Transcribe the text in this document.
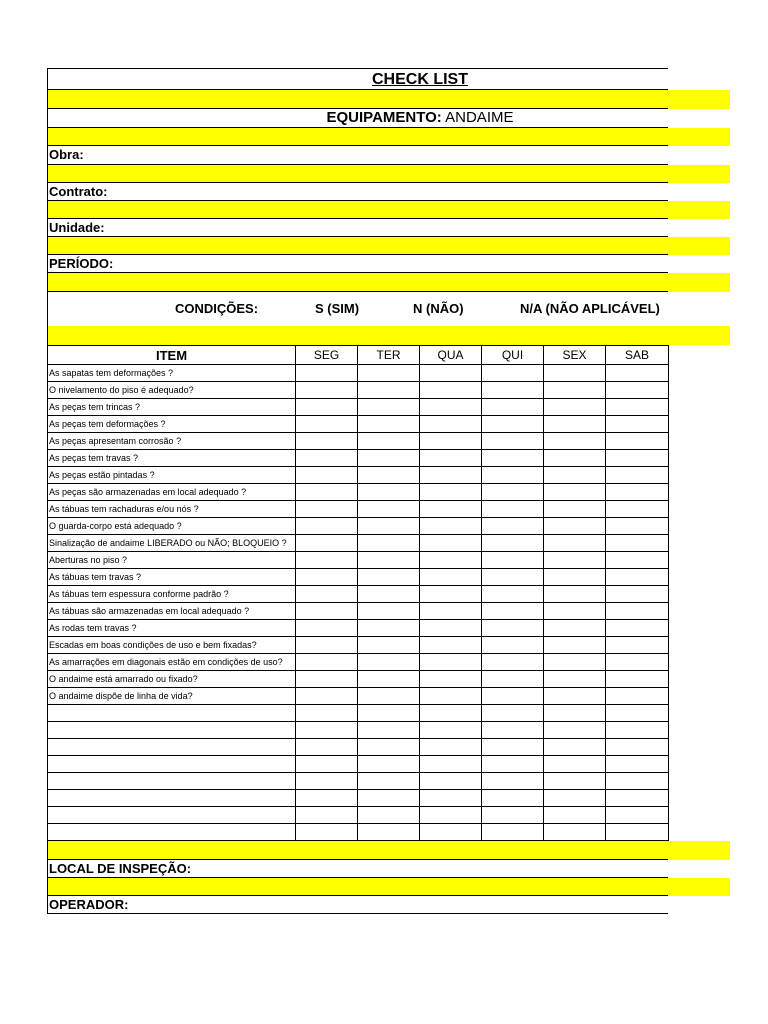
CHECK LIST
EQUIPAMENTO: ANDAIME
Obra:
Contrato:
Unidade:
PERÍODO:
CONDIÇÕES:	S (SIM)	N (NÃO)	N/A (NÃO APLICÁVEL)
ITEM	SEG	TER	QUA	QUI	SEX	SAB
As sapatas tem deformações ?						
O nivelamento do piso é adequado?						
As peças tem trincas ?						
As peças tem deformações ?						
As peças apresentam corrosão ?						
As peças tem travas ?						
As peças estão pintadas ?						
As peças são armazenadas em local adequado ?						
As tábuas tem rachaduras e/ou nós ?						
O guarda-corpo está adequado ?						
Sinalização de andaime LIBERADO ou NÃO; BLOQUEIO ?						
Aberturas no piso ?						
As tábuas tem travas ?						
As tábuas tem espessura conforme padrão ?						
As tábuas são armazenadas em local adequado ?						
As rodas tem travas ?						
Escadas em boas condições de uso e bem fixadas?						
As amarrações em diagonais estão em condições de uso?						
O andaime está amarrado ou fixado?						
O andaime dispõe de linha de vida?						

LOCAL DE INSPEÇÃO:
OPERADOR:
